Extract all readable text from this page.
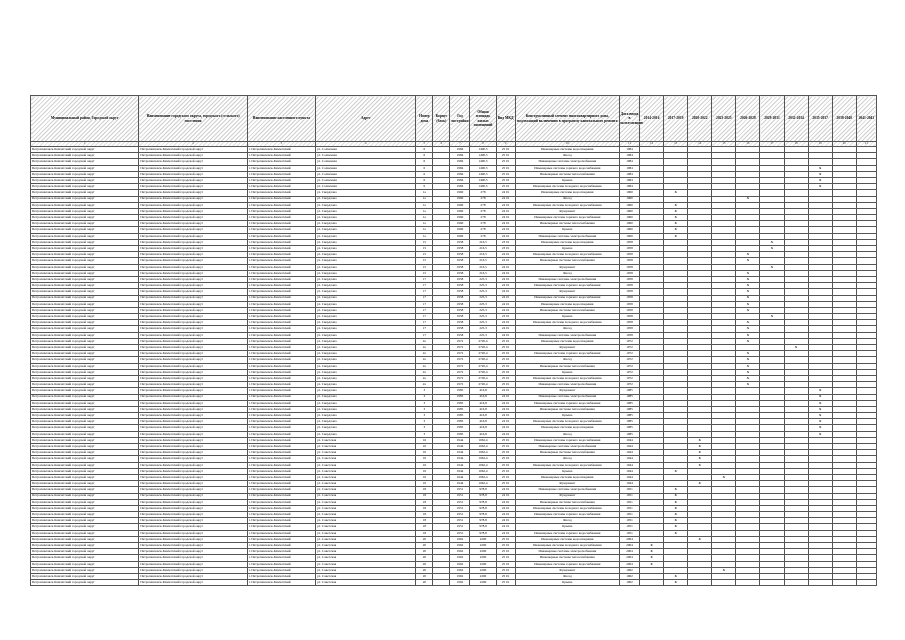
Муниципальный район, Городской округ	Наименование городского округа, городского (сельского) поселения	Наименование населенного пункта	Адрес	Номер дома	Корпус (блок)	Год постройки	Общая площадь жилых помещений	Вид МКД	Конструктивный элемент многоквартирного дома, подлежащий включению в программу капитального ремонта	Дата ввода в эксплуатацию	2014-2016	2017-2019	2020-2022	2023-2025	2026-2028	2029-2031	2032-2034	2035-2037	2038-2040	2041-2043
1	2	3	4	5	6	7	8	9	10	11	12	13	14	15	16	17	18	19	20	21
Петропавловск-Камчатский городской округ	Петропавловск-Камчатский городской округ	г. Петропавловск-Камчатский	ул. Солнечная	6		1984	1400,5	25 01	Инженерные системы водоотведения	1984										
Петропавловск-Камчатский городской округ	Петропавловск-Камчатский городской округ	г. Петропавловск-Камчатский	ул. Солнечная	6		1984	1400,5	25 01	Фасад	1984										
Петропавловск-Камчатский городской округ	Петропавловск-Камчатский городской округ	г. Петропавловск-Камчатский	ул. Солнечная	6		1984	1400,5	25 01	Инженерные системы электроснабжения	1984										
Петропавловск-Камчатский городской округ	Петропавловск-Камчатский городской округ	г. Петропавловск-Камчатский	ул. Солнечная	6		1984	1400,5	25 01	Инженерные системы горячего водоснабжения	1984								Х		
Петропавловск-Камчатский городской округ	Петропавловск-Камчатский городской округ	г. Петропавловск-Камчатский	ул. Солнечная	6		1984	1400,5	25 01	Инженерные системы теплоснабжения	1984								Х		
Петропавловск-Камчатский городской округ	Петропавловск-Камчатский городской округ	г. Петропавловск-Камчатский	ул. Солнечная	6		1984	1400,5	25 01	Крыша	1984								Х		
Петропавловск-Камчатский городской округ	Петропавловск-Камчатский городской округ	г. Петропавловск-Камчатский	ул. Солнечная	6		1984	1400,5	25 01	Инженерные системы холодного водоснабжения	1984								Х		
Петропавловск-Камчатский городской округ	Петропавловск-Камчатский городской округ	г. Петропавловск-Камчатский	ул. Свердлова	1а		1960	278	24 01	Инженерные системы водоотведения	1960		Х								
Петропавловск-Камчатский городской округ	Петропавловск-Камчатский городской округ	г. Петропавловск-Камчатский	ул. Свердлова	1а		1960	278	24 01	Фасад	1960					Х					
Петропавловск-Камчатский городской округ	Петропавловск-Камчатский городской округ	г. Петропавловск-Камчатский	ул. Свердлова	1а		1960	278	24 01	Инженерные системы холодного водоснабжения	1960		Х								
Петропавловск-Камчатский городской округ	Петропавловск-Камчатский городской округ	г. Петропавловск-Камчатский	ул. Свердлова	1а		1960	278	24 01	Фундамент	1960		Х								
Петропавловск-Камчатский городской округ	Петропавловск-Камчатский городской округ	г. Петропавловск-Камчатский	ул. Свердлова	1а		1960	278	24 01	Инженерные системы горячего водоснабжения	1960		Х								
Петропавловск-Камчатский городской округ	Петропавловск-Камчатский городской округ	г. Петропавловск-Камчатский	ул. Свердлова	1а		1960	278	24 01	Инженерные системы теплоснабжения	1960		Х								
Петропавловск-Камчатский городской округ	Петропавловск-Камчатский городской округ	г. Петропавловск-Камчатский	ул. Свердлова	1а		1960	278	24 01	Крыша	1960		Х								
Петропавловск-Камчатский городской округ	Петропавловск-Камчатский городской округ	г. Петропавловск-Камчатский	ул. Свердлова	1а		1960	278	24 01	Инженерные системы электроснабжения	1960		Х								
Петропавловск-Камчатский городской округ	Петропавловск-Камчатский городской округ	г. Петропавловск-Камчатский	ул. Свердлова	15		1958	216,5	23 01	Инженерные системы водоотведения	1958						Х				
Петропавловск-Камчатский городской округ	Петропавловск-Камчатский городской округ	г. Петропавловск-Камчатский	ул. Свердлова	15		1958	216,5	23 01	Крыша	1958						Х				
Петропавловск-Камчатский городской округ	Петропавловск-Камчатский городской округ	г. Петропавловск-Камчатский	ул. Свердлова	15		1958	216,5	24 01	Инженерные системы холодного водоснабжения	1958					Х					
Петропавловск-Камчатский городской округ	Петропавловск-Камчатский городской округ	г. Петропавловск-Камчатский	ул. Свердлова	15		1958	216,5	24 01	Инженерные системы теплоснабжения	1958					Х					
Петропавловск-Камчатский городской округ	Петропавловск-Камчатский городской округ	г. Петропавловск-Камчатский	ул. Свердлова	15		1958	216,5	24 01	Фундамент	1958						Х				
Петропавловск-Камчатский городской округ	Петропавловск-Камчатский городской округ	г. Петропавловск-Камчатский	ул. Свердлова	15		1958	216,5	24 01	Фасад	1958					Х					
Петропавловск-Камчатский городской округ	Петропавловск-Камчатский городской округ	г. Петропавловск-Камчатский	ул. Свердлова	17		1958	225,3	24 01	Инженерные системы электроснабжения	1958					Х					
Петропавловск-Камчатский городской округ	Петропавловск-Камчатский городской округ	г. Петропавловск-Камчатский	ул. Свердлова	17		1958	225,3	24 01	Инженерные системы горячего водоснабжения	1958					Х					
Петропавловск-Камчатский городской округ	Петропавловск-Камчатский городской округ	г. Петропавловск-Камчатский	ул. Свердлова	17		1958	225,3	24 01	Фундамент	1958					Х					
Петропавловск-Камчатский городской округ	Петропавловск-Камчатский городской округ	г. Петропавловск-Камчатский	ул. Свердлова	17		1958	225,3	24 01	Инженерные системы горячего водоснабжения	1958					Х					
Петропавловск-Камчатский городской округ	Петропавловск-Камчатский городской округ	г. Петропавловск-Камчатский	ул. Свердлова	17		1958	225,3	24 01	Инженерные системы водоотведения	1958					Х					
Петропавловск-Камчатский городской округ	Петропавловск-Камчатский городской округ	г. Петропавловск-Камчатский	ул. Свердлова	17		1958	225,3	24 01	Инженерные системы теплоснабжения	1958					Х					
Петропавловск-Камчатский городской округ	Петропавловск-Камчатский городской округ	г. Петропавловск-Камчатский	ул. Свердлова	17		1958	225,3	23 01	Крыша	1958						Х				
Петропавловск-Камчатский городской округ	Петропавловск-Камчатский городской округ	г. Петропавловск-Камчатский	ул. Свердлова	17		1958	225,3	24 01	Инженерные системы холодного водоснабжения	1958					Х					
Петропавловск-Камчатский городской округ	Петропавловск-Камчатский городской округ	г. Петропавловск-Камчатский	ул. Свердлова	17		1958	225,3	24 01	Фасад	1958					Х					
Петропавловск-Камчатский городской округ	Петропавловск-Камчатский городской округ	г. Петропавловск-Камчатский	ул. Свердлова	17		1958	225,3	24 01	Инженерные системы электроснабжения	1958					Х					
Петропавловск-Камчатский городской округ	Петропавловск-Камчатский городской округ	г. Петропавловск-Камчатский	ул. Свердлова	2а		1972	2720,4	25 01	Инженерные системы водоотведения	1972					Х					
Петропавловск-Камчатский городской округ	Петропавловск-Камчатский городской округ	г. Петропавловск-Камчатский	ул. Свердлова	2а		1972	2720,4	25 01	Фундамент	1972							Х			
Петропавловск-Камчатский городской округ	Петропавловск-Камчатский городской округ	г. Петропавловск-Камчатский	ул. Свердлова	2а		1972	2720,4	25 01	Инженерные системы горячего водоснабжения	1972					Х					
Петропавловск-Камчатский городской округ	Петропавловск-Камчатский городской округ	г. Петропавловск-Камчатский	ул. Свердлова	2а		1972	2720,4	25 01	Фасад	1972					Х					
Петропавловск-Камчатский городской округ	Петропавловск-Камчатский городской округ	г. Петропавловск-Камчатский	ул. Свердлова	2а		1972	2720,4	25 01	Инженерные системы теплоснабжения	1972					Х					
Петропавловск-Камчатский городской округ	Петропавловск-Камчатский городской округ	г. Петропавловск-Камчатский	ул. Свердлова	2а		1972	2720,4	25 01	Крыша	1972					Х					
Петропавловск-Камчатский городской округ	Петропавловск-Камчатский городской округ	г. Петропавловск-Камчатский	ул. Свердлова	2а		1972	2720,4	25 01	Инженерные системы холодного водоснабжения	1972					Х					
Петропавловск-Камчатский городской округ	Петропавловск-Камчатский городской округ	г. Петропавловск-Камчатский	ул. Свердлова	2а		1972	2720,4	25 01	Инженерные системы электроснабжения	1972					Х					
Петропавловск-Камчатский городской округ	Петропавловск-Камчатский городской округ	г. Петропавловск-Камчатский	ул. Свердлова	3		1985	416,8	24 01	Фундамент	1985								Х		
Петропавловск-Камчатский городской округ	Петропавловск-Камчатский городской округ	г. Петропавловск-Камчатский	ул. Свердлова	3		1985	416,8	24 01	Инженерные системы электроснабжения	1985								Х		
Петропавловск-Камчатский городской округ	Петропавловск-Камчатский городской округ	г. Петропавловск-Камчатский	ул. Свердлова	3		1985	416,8	24 01	Инженерные системы горячего водоснабжения	1985								Х		
Петропавловск-Камчатский городской округ	Петропавловск-Камчатский городской округ	г. Петропавловск-Камчатский	ул. Свердлова	3		1985	416,8	24 01	Инженерные системы теплоснабжения	1985								Х		
Петропавловск-Камчатский городской округ	Петропавловск-Камчатский городской округ	г. Петропавловск-Камчатский	ул. Свердлова	3		1985	416,8	24 01	Крыша	1985								Х		
Петропавловск-Камчатский городской округ	Петропавловск-Камчатский городской округ	г. Петропавловск-Камчатский	ул. Свердлова	3		1985	416,8	24 01	Инженерные системы холодного водоснабжения	1985								Х		
Петропавловск-Камчатский городской округ	Петропавловск-Камчатский городской округ	г. Петропавловск-Камчатский	ул. Свердлова	3		1985	416,8	24 01	Инженерные системы водоотведения	1985								Х		
Петропавловск-Камчатский городской округ	Петропавловск-Камчатский городской округ	г. Петропавловск-Камчатский	ул. Свердлова	3		1985	416,8	24 01	Фасад	1985								Х		
Петропавловск-Камчатский городской округ	Петропавловск-Камчатский городской округ	г. Петропавловск-Камчатский	ул. Советская	16		1944	1062,4	25 01	Инженерные системы горячего водоснабжения	1944			Х							
Петропавловск-Камчатский городской округ	Петропавловск-Камчатский городской округ	г. Петропавловск-Камчатский	ул. Советская	16		1944	1062,4	25 01	Инженерные системы электроснабжения	1944			Х							
Петропавловск-Камчатский городской округ	Петропавловск-Камчатский городской округ	г. Петропавловск-Камчатский	ул. Советская	16		1944	1062,4	25 01	Инженерные системы теплоснабжения	1944			Х							
Петропавловск-Камчатский городской округ	Петропавловск-Камчатский городской округ	г. Петропавловск-Камчатский	ул. Советская	16		1944	1062,4	25 01	Фасад	1944			Х							
Петропавловск-Камчатский городской округ	Петропавловск-Камчатский городской округ	г. Петропавловск-Камчатский	ул. Советская	16		1944	1062,4	25 01	Инженерные системы холодного водоснабжения	1944			Х							
Петропавловск-Камчатский городской округ	Петропавловск-Камчатский городской округ	г. Петропавловск-Камчатский	ул. Советская	16		1944	1062,4	25 01	Крыша	1944		Х								
Петропавловск-Камчатский городской округ	Петропавловск-Камчатский городской округ	г. Петропавловск-Камчатский	ул. Советская	16		1944	1062,4	25 01	Инженерные системы водоотведения	1944				Х						
Петропавловск-Камчатский городской округ	Петропавловск-Камчатский городской округ	г. Петропавловск-Камчатский	ул. Советская	16		1944	1062,4	25 01	Фундамент	1944			Х							
Петропавловск-Камчатский городской округ	Петропавловск-Камчатский городской округ	г. Петропавловск-Камчатский	ул. Советская	18		1951	978,8	24 01	Инженерные системы электроснабжения	1951		Х								
Петропавловск-Камчатский городской округ	Петропавловск-Камчатский городской округ	г. Петропавловск-Камчатский	ул. Советская	18		1951	978,8	24 01	Фундамент	1951		Х								
Петропавловск-Камчатский городской округ	Петропавловск-Камчатский городской округ	г. Петропавловск-Камчатский	ул. Советская	18		1951	978,8	24 01	Инженерные системы теплоснабжения	1951		Х								
Петропавловск-Камчатский городской округ	Петропавловск-Камчатский городской округ	г. Петропавловск-Камчатский	ул. Советская	18		1951	978,8	24 01	Инженерные системы холодного водоснабжения	1951		Х								
Петропавловск-Камчатский городской округ	Петропавловск-Камчатский городской округ	г. Петропавловск-Камчатский	ул. Советская	18		1951	978,8	24 01	Инженерные системы горячего водоснабжения	1951		Х								
Петропавловск-Камчатский городской округ	Петропавловск-Камчатский городской округ	г. Петропавловск-Камчатский	ул. Советская	18		1951	978,8	24 01	Фасад	1951		Х								
Петропавловск-Камчатский городской округ	Петропавловск-Камчатский городской округ	г. Петропавловск-Камчатский	ул. Советская	18		1951	978,8	24 01	Крыша	1951		Х								
Петропавловск-Камчатский городской округ	Петропавловск-Камчатский городской округ	г. Петропавловск-Камчатский	ул. Советская	18		1951	978,8	24 01	Инженерные системы горячего водоснабжения	1951		Х								
Петропавловск-Камчатский городской округ	Петропавловск-Камчатский городской округ	г. Петропавловск-Камчатский	ул. Советская	20		1962	2200	25 01	Инженерные системы водоотведения	2004			Х							
Петропавловск-Камчатский городской округ	Петропавловск-Камчатский городской округ	г. Петропавловск-Камчатский	ул. Советская	20		1962	2200	25 01	Инженерные системы холодного водоснабжения	2004	Х									
Петропавловск-Камчатский городской округ	Петропавловск-Камчатский городской округ	г. Петропавловск-Камчатский	ул. Советская	20		1962	2200	25 01	Инженерные системы электроснабжения	2004	Х									
Петропавловск-Камчатский городской округ	Петропавловск-Камчатский городской округ	г. Петропавловск-Камчатский	ул. Советская	20		1962	2200	25 01	Инженерные системы теплоснабжения	2004	Х									
Петропавловск-Камчатский городской округ	Петропавловск-Камчатский городской округ	г. Петропавловск-Камчатский	ул. Советская	20		1962	2200	25 01	Инженерные системы горячего водоснабжения	2004	Х									
Петропавловск-Камчатский городской округ	Петропавловск-Камчатский городской округ	г. Петропавловск-Камчатский	ул. Советская	20		1962	2200	25 01	Фундамент	1962				Х						
Петропавловск-Камчатский городской округ	Петропавловск-Камчатский городской округ	г. Петропавловск-Камчатский	ул. Советская	20		1962	2200	25 01	Фасад	1962		Х								
Петропавловск-Камчатский городской округ	Петропавловск-Камчатский городской округ	г. Петропавловск-Камчатский	ул. Советская	20		1962	2200	25 01	Крыша	1962		Х								
